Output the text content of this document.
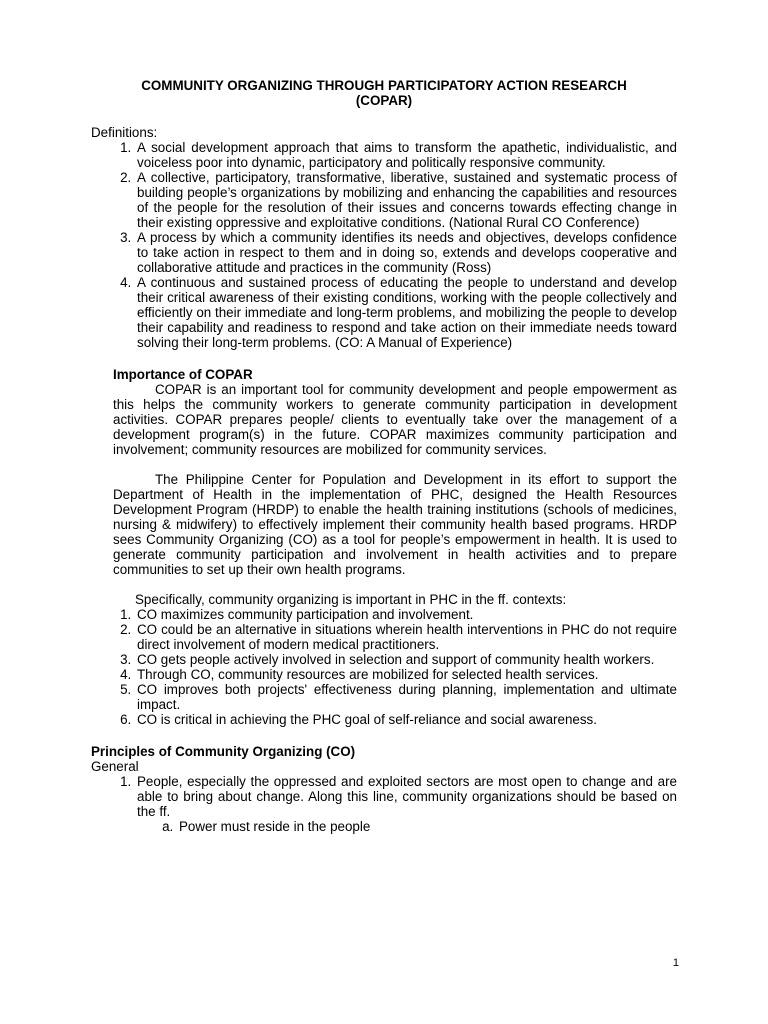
COMMUNITY ORGANIZING THROUGH PARTICIPATORY ACTION RESEARCH
(COPAR)

Definitions:

1. A social development approach that aims to transform the apathetic, individualistic, and voiceless poor into dynamic, participatory and politically responsive community.
2. A collective, participatory, transformative, liberative, sustained and systematic process of building people’s organizations by mobilizing and enhancing the capabilities and resources of the people for the resolution of their issues and concerns towards effecting change in their existing oppressive and exploitative conditions. (National Rural CO Conference)
3. A process by which a community identifies its needs and objectives, develops confidence to take action in respect to them and in doing so, extends and develops cooperative and collaborative attitude and practices in the community (Ross)
4. A continuous and sustained process of educating the people to understand and develop their critical awareness of their existing conditions, working with the people collectively and efficiently on their immediate and long-term problems, and mobilizing the people to develop their capability and readiness to respond and take action on their immediate needs toward solving their long-term problems. (CO: A Manual of Experience)

Importance of COPAR

COPAR is an important tool for community development and people empowerment as this helps the community workers to generate community participation in development activities. COPAR prepares people/ clients to eventually take over the management of a development program(s) in the future. COPAR maximizes community participation and involvement; community resources are mobilized for community services.

The Philippine Center for Population and Development in its effort to support the Department of Health in the implementation of PHC, designed the Health Resources Development Program (HRDP) to enable the health training institutions (schools of medicines, nursing & midwifery) to effectively implement their community health based programs. HRDP sees Community Organizing (CO) as a tool for people’s empowerment in health. It is used to generate community participation and involvement in health activities and to prepare communities to set up their own health programs.

Specifically, community organizing is important in PHC in the ff. contexts:

1. CO maximizes community participation and involvement.
2. CO could be an alternative in situations wherein health interventions in PHC do not require direct involvement of modern medical practitioners.
3. CO gets people actively involved in selection and support of community health workers.
4. Through CO, community resources are mobilized for selected health services.
5. CO improves both projects' effectiveness during planning, implementation and ultimate impact.
6. CO is critical in achieving the PHC goal of self-reliance and social awareness.

Principles of Community Organizing (CO)

General

1. People, especially the oppressed and exploited sectors are most open to change and are able to bring about change. Along this line, community organizations should be based on the ff.
a. Power must reside in the people
1
